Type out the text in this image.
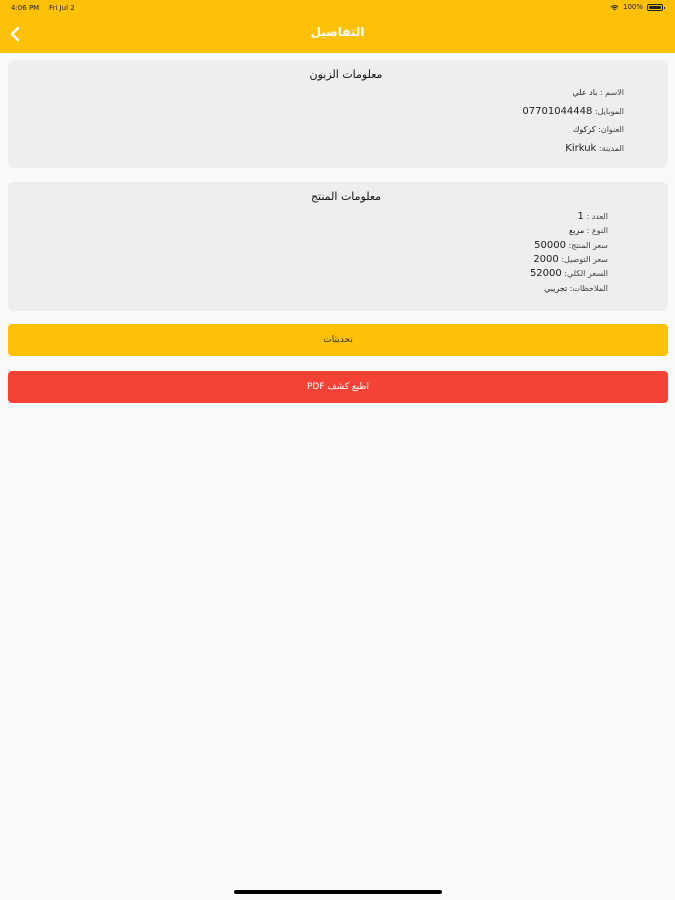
4:06 PM Fri Jul 2	100%
التفاصيل
معلومات الزبون
الاسم : باد علي
الموبايل: 07701044448
العنوان: كركوك
المدينة: Kirkuk
معلومات المنتج
العدد : 1
النوع : مربع
سعر المنتج: 50000
سعر التوصيل: 2000
السعر الكلي: 52000
الملاحظات: تجريبي
تحديثات
اطبع كشف PDF
